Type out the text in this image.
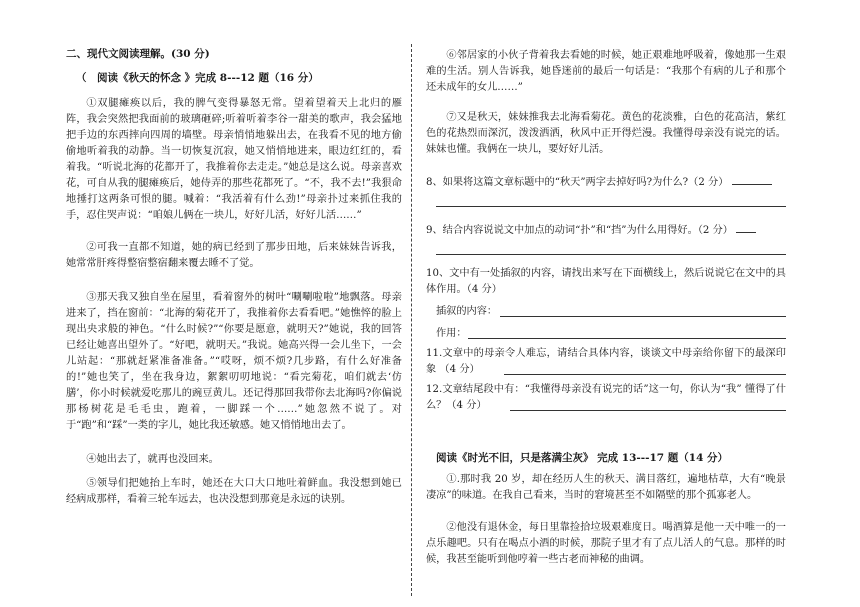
二、现代文阅读理解。(30 分)
（　阅读《秋天的怀念 》完成 8---12 题（16 分）

①双腿瘫痪以后，我的脾气变得暴怒无常。望着望着天上北归的雁阵，我会突然把我面前的玻璃砸碎;听着听着李谷一甜美的歌声，我会猛地把手边的东西摔向四周的墙壁。母亲悄悄地躲出去，在我看不见的地方偷偷地听着我的动静。当一切恢复沉寂，她又悄悄地进来，眼边红红的，看着我。“听说北海的花都开了，我推着你去走走。”她总是这么说。母亲喜欢花，可自从我的腿瘫痪后，她侍弄的那些花都死了。“不，我不去!”我狠命地捶打这两条可恨的腿。喊着：“我活着有什么劲!”母亲扑过来抓住我的手，忍住哭声说：“咱娘儿俩在一块儿，好好儿活，好好儿活……”

②可我一直都不知道，她的病已经到了那步田地，后来妹妹告诉我，她常常肝疼得整宿整宿翻来覆去睡不了觉。

③那天我又独自坐在屋里，看着窗外的树叶“唰唰啦啦”地飘落。母亲进来了，挡在窗前：“北海的菊花开了，我推着你去看看吧。”她憔悴的脸上现出央求般的神色。“什么时候?”“你要是愿意，就明天?”她说，我的回答已经让她喜出望外了。“好吧，就明天。”我说。她高兴得一会儿坐下，一会儿站起：“那就赶紧准备准备。”“哎呀，烦不烦?几步路，有什么好准备的!”她也笑了，坐在我身边，絮絮叨叨地说：“看完菊花，咱们就去‘仿膳’，你小时候就爱吃那儿的豌豆黄儿。还记得那回我带你去北海吗?你偏说那杨树花是毛毛虫，跑着，一脚踩一个……”她忽然不说了。对于“跑”和“踩”一类的字儿，她比我还敏感。她又悄悄地出去了。

④她出去了，就再也没回来。

⑤领导们把她抬上车时，她还在大口大口地吐着鲜血。我没想到她已经病成那样，看着三轮车远去，也决没想到那竟是永远的诀别。

⑥邻居家的小伙子背着我去看她的时候，她正艰难地呼吸着，像她那一生艰难的生活。别人告诉我，她昏迷前的最后一句话是：“我那个有病的儿子和那个还未成年的女儿……”

⑦又是秋天，妹妹推我去北海看菊花。黄色的花淡雅，白色的花高洁，紫红色的花热烈而深沉，泼泼洒洒，秋风中正开得烂漫。我懂得母亲没有说完的话。妹妹也懂。我俩在一块儿，要好好儿活。

8、如果将这篇文章标题中的“秋天”两字去掉好吗?为什么?（2 分）

9、结合内容说说文中加点的动词“扑”和“挡”为什么用得好。（2 分）

10、文中有一处插叙的内容，请找出来写在下面横线上，然后说说它在文中的具体作用。（4 分）

插叙的内容：

作用：

11.文章中的母亲令人难忘，请结合具体内容，谈谈文中母亲给你留下的最深印象 （4 分）

12.文章结尾段中有：“我懂得母亲没有说完的话”这一句，你认为“我” 懂得了什么？（4 分）

阅读《时光不旧，只是落满尘灰》 完成 13---17 题（14 分）

①.那时我 20 岁，却在经历人生的秋天、满目落红，遍地枯草，大有“晚景凄凉”的味道。在我自己看来，当时的窘境甚至不如隔壁的那个孤寡老人。

②他没有退休金，每日里靠捡拾垃圾艰难度日。喝酒算是他一天中唯一的一点乐趣吧。只有在喝点小酒的时候，那院子里才有了点儿活人的气息。那样的时候，我甚至能听到他哼着一些古老而神秘的曲调。
